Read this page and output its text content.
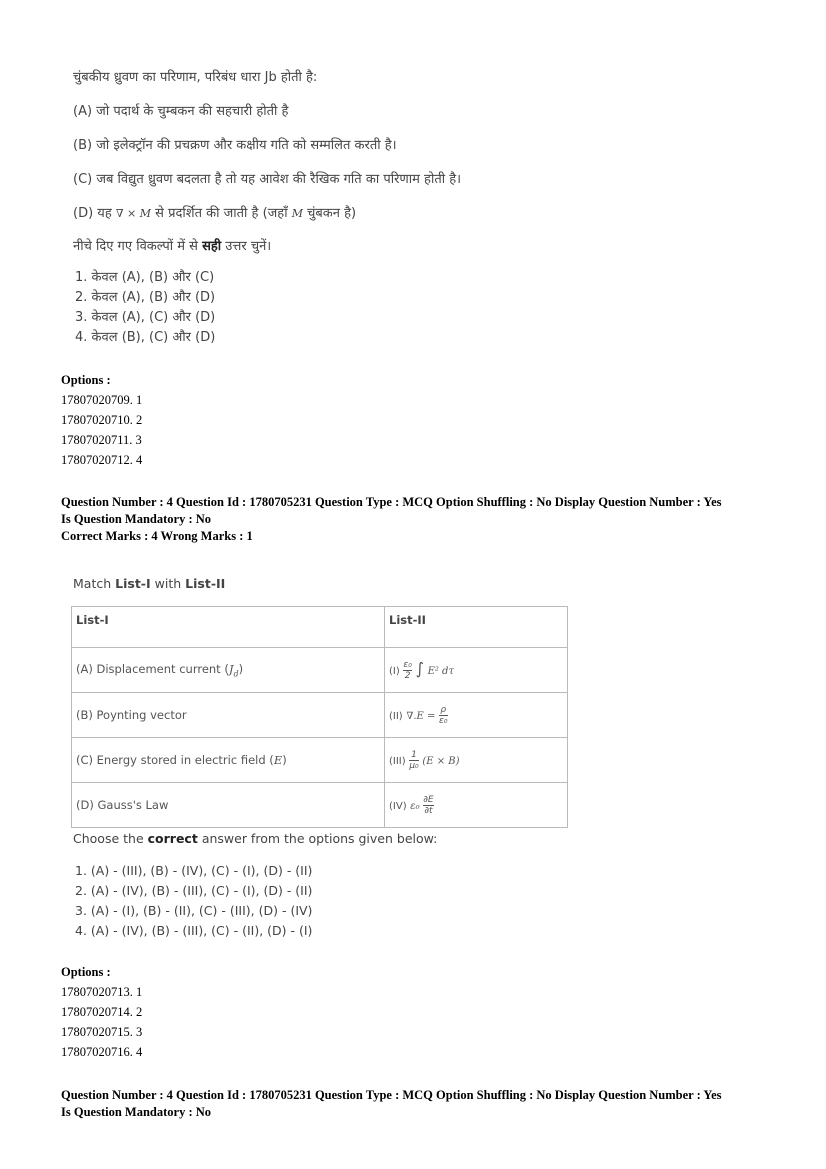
चुंबकीय ध्रुवण का परिणाम, परिबंध धारा Jb होती है:
(A) जो पदार्थ के चुम्बकन की सहचारी होती है
(B) जो इलेक्ट्रॉन की प्रचक्रण और कक्षीय गति को सम्मलित करती है।
(C) जब विद्युत ध्रुवण बदलता है तो यह आवेश की रैखिक गति का परिणाम होती है।
(D) यह ∇ × M से प्रदर्शित की जाती है (जहाँ M चुंबकन है)
नीचे दिए गए विकल्पों में से सही उत्तर चुनें।
1. केवल (A), (B) और (C)
2. केवल (A), (B) और (D)
3. केवल (A), (C) और (D)
4. केवल (B), (C) और (D)
Options :
17807020709. 1
17807020710. 2
17807020711. 3
17807020712. 4
Question Number : 4 Question Id : 1780705231 Question Type : MCQ Option Shuffling : No Display Question Number : Yes
Is Question Mandatory : No
Correct Marks : 4 Wrong Marks : 1
Match List-I with List-II
List-I	List-II
(A) Displacement current $(J_d)$	$(I) \frac{\text{ε₀}}{2}$ ∫ E² dτ
(B) Poynting vector	(II) $\nabla.E = \frac{\rho}{\text{ε₀}}$

(C) Energy stored in electric field (E)	$(III) \frac{1}{\text{μ₀}} (E \times B)$
(D) Gauss's Law	(IV) $\varepsilon_0 \frac{\partial E}{\partial t}$
Choose the correct answer from the options given below:
1. (A) - (III), (B) - (IV), (C) - (I), (D) - (II)
2. (A) - (IV), (B) - (III), (C) - (I), (D) - (II)
3. (A) - (I), (B) - (II), (C) - (III), (D) - (IV)
4. (A) - (IV), (B) - (III), (C) - (II), (D) - (I)
Options :
17807020713. 1
17807020714. 2
17807020715. 3
17807020716. 4
Question Number : 4 Question Id : 1780705231 Question Type : MCQ Option Shuffling : No Display Question Number : Yes
Is Question Mandatory : No
